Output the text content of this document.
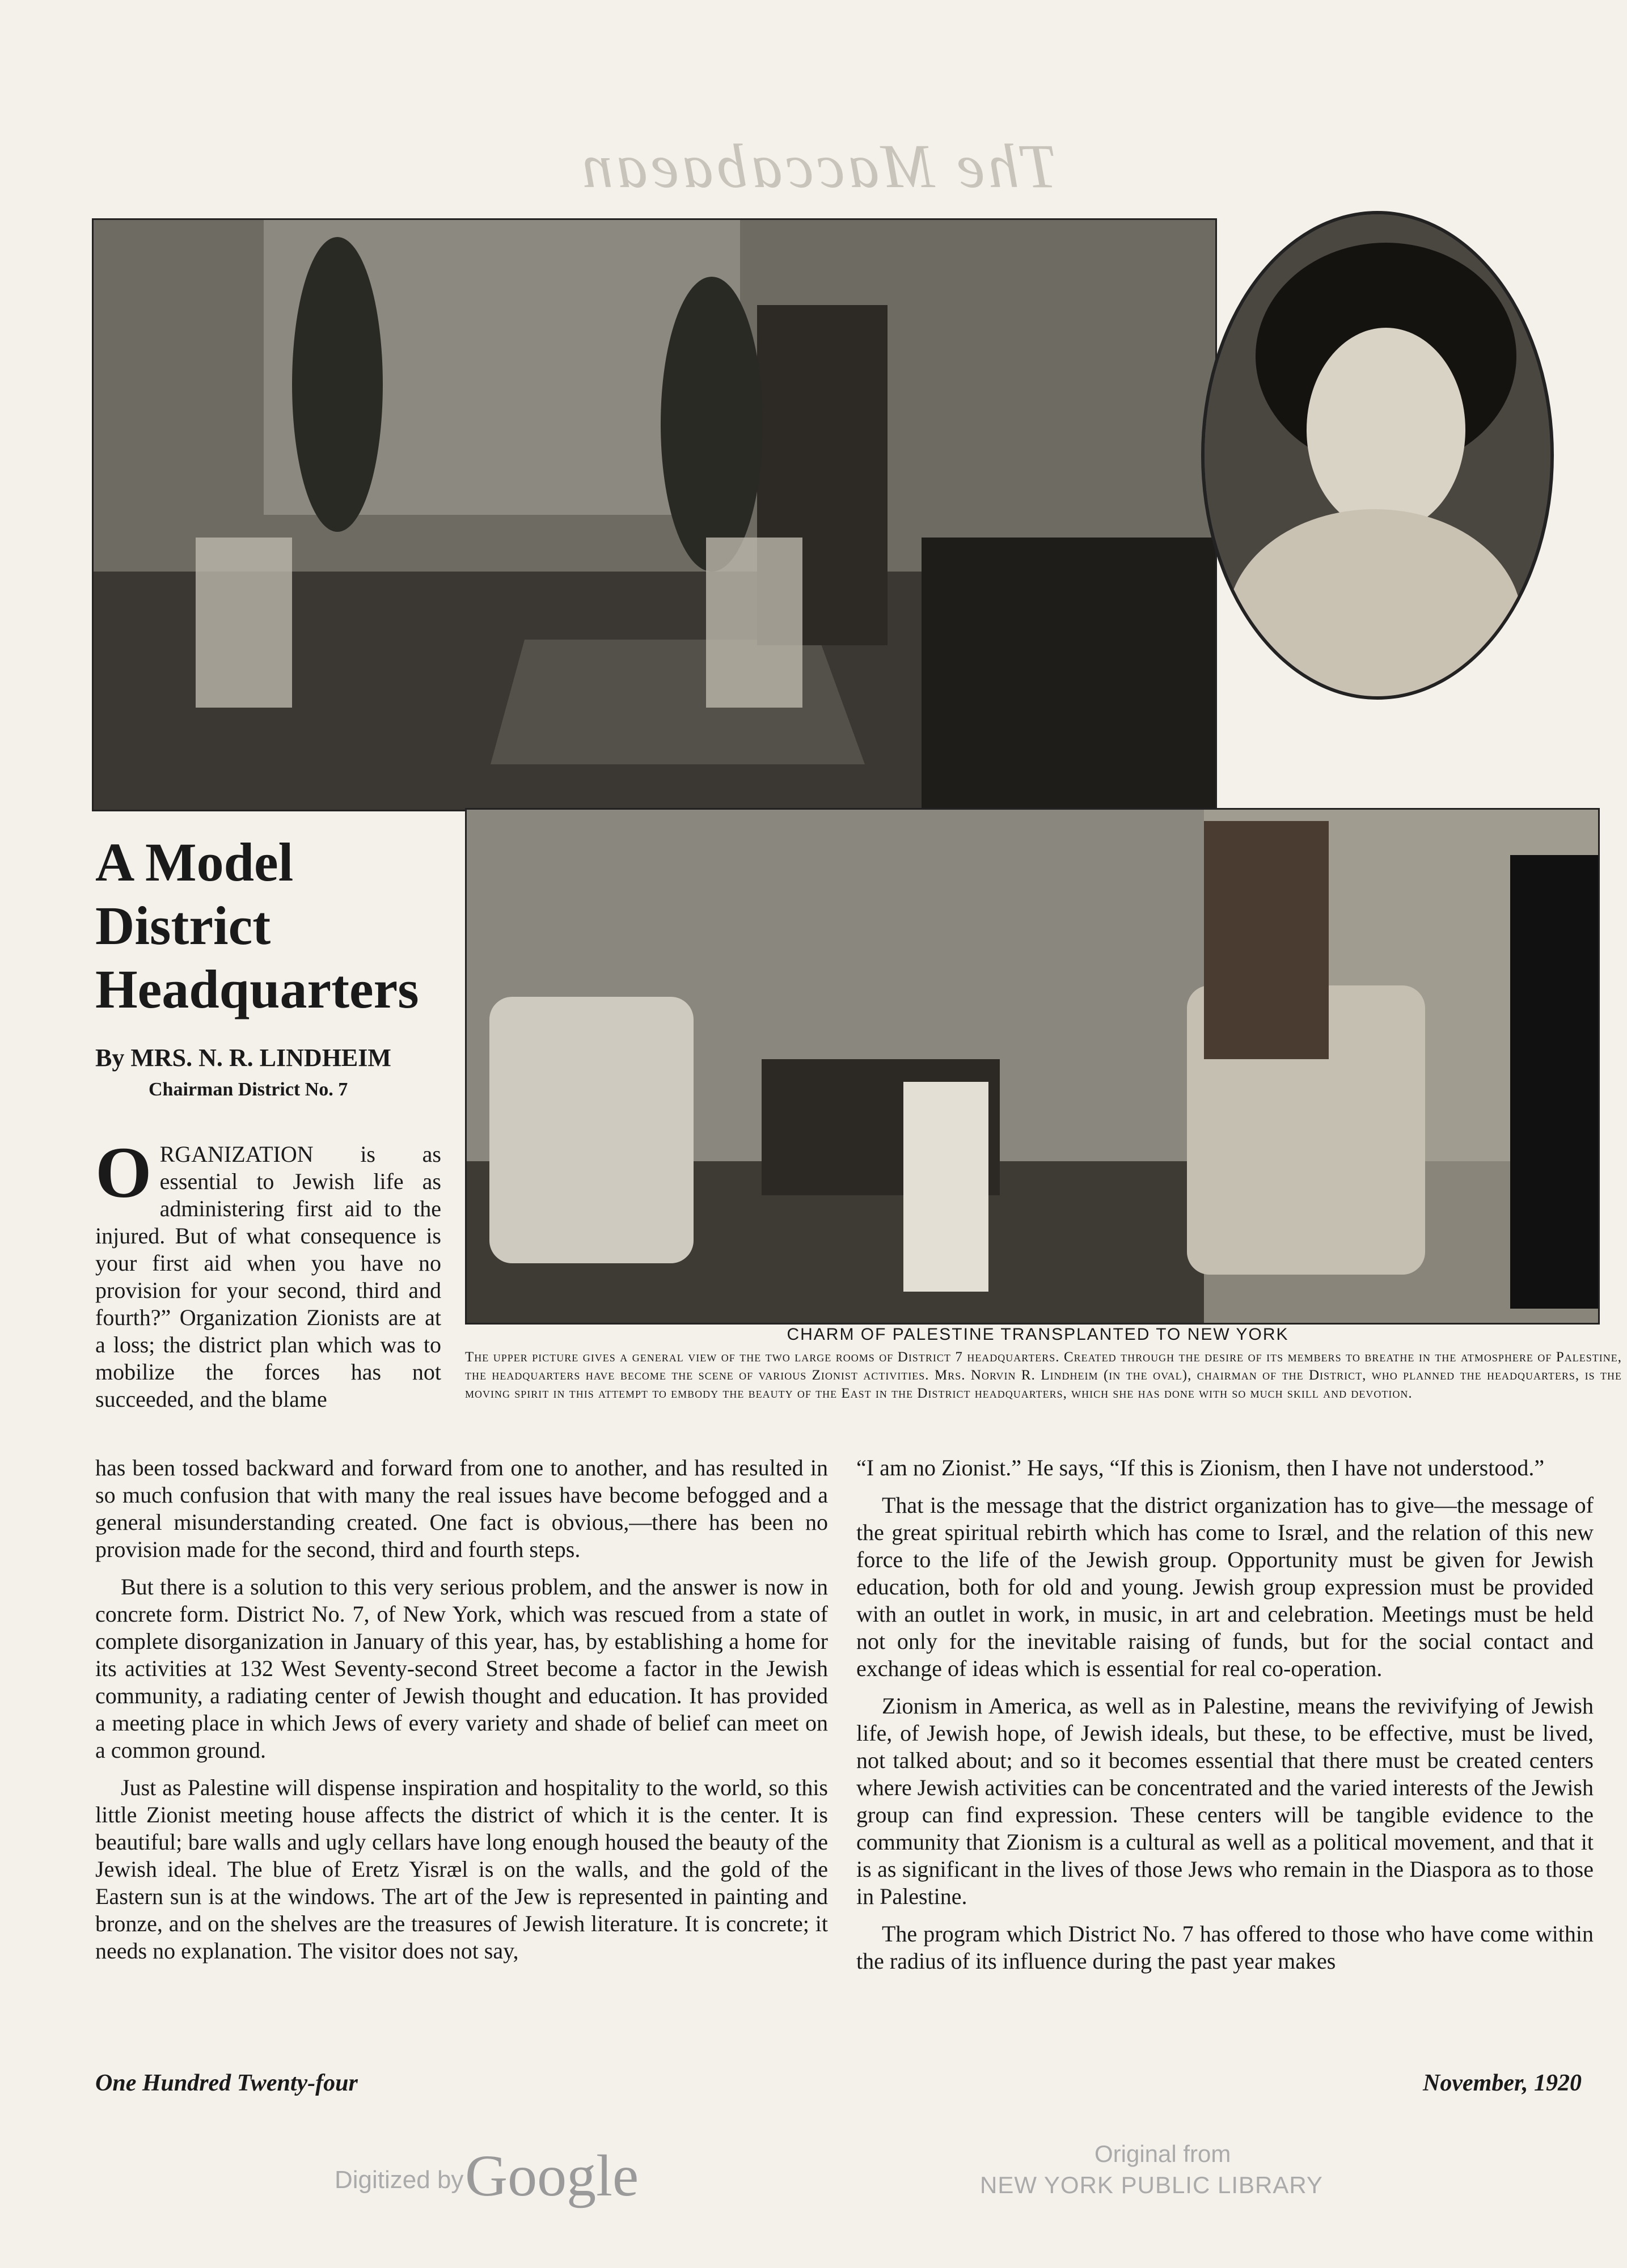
The Maccabaean
A Model District Headquarters
By MRS. N. R. LINDHEIM
Chairman District No. 7
ORGANIZATION is as essential to Jewish life as administering first aid to the injured. But of what consequence is your first aid when you have no provision for your second, third and fourth?” Organization Zionists are at a loss; the district plan which was to mobilize the forces has not succeeded, and the blame
CHARM OF PALESTINE TRANSPLANTED TO NEW YORK
The upper picture gives a general view of the two large rooms of District 7 headquarters. Created through the desire of its members to breathe in the atmosphere of Palestine, the headquarters have become the scene of various Zionist activities. Mrs. Norvin R. Lindheim (in the oval), chairman of the District, who planned the headquarters, is the moving spirit in this attempt to embody the beauty of the East in the District headquarters, which she has done with so much skill and devotion.

has been tossed backward and forward from one to another, and has resulted in so much confusion that with many the real issues have become befogged and a general misunderstanding created. One fact is obvious,—there has been no provision made for the second, third and fourth steps.

But there is a solution to this very serious problem, and the answer is now in concrete form. District No. 7, of New York, which was rescued from a state of complete disorganization in January of this year, has, by establishing a home for its activities at 132 West Seventy-second Street become a factor in the Jewish community, a radiating center of Jewish thought and education. It has provided a meeting place in which Jews of every variety and shade of belief can meet on a common ground.

Just as Palestine will dispense inspiration and hospitality to the world, so this little Zionist meeting house affects the district of which it is the center. It is beautiful; bare walls and ugly cellars have long enough housed the beauty of the Jewish ideal. The blue of Eretz Yisræl is on the walls, and the gold of the Eastern sun is at the windows. The art of the Jew is represented in painting and bronze, and on the shelves are the treasures of Jewish literature. It is concrete; it needs no explanation. The visitor does not say,

“I am no Zionist.” He says, “If this is Zionism, then I have not understood.”

That is the message that the district organization has to give—the message of the great spiritual rebirth which has come to Isræl, and the relation of this new force to the life of the Jewish group. Opportunity must be given for Jewish education, both for old and young. Jewish group expression must be provided with an outlet in work, in music, in art and celebration. Meetings must be held not only for the inevitable raising of funds, but for the social contact and exchange of ideas which is essential for real co-operation.

Zionism in America, as well as in Palestine, means the revivifying of Jewish life, of Jewish hope, of Jewish ideals, but these, to be effective, must be lived, not talked about; and so it becomes essential that there must be created centers where Jewish activities can be concentrated and the varied interests of the Jewish group can find expression. These centers will be tangible evidence to the community that Zionism is a cultural as well as a political movement, and that it is as significant in the lives of those Jews who remain in the Diaspora as to those in Palestine.

The program which District No. 7 has offered to those who have come within the radius of its influence during the past year makes

One Hundred Twenty-four	November, 1920
Digitized by Google	Original from
NEW YORK PUBLIC LIBRARY
